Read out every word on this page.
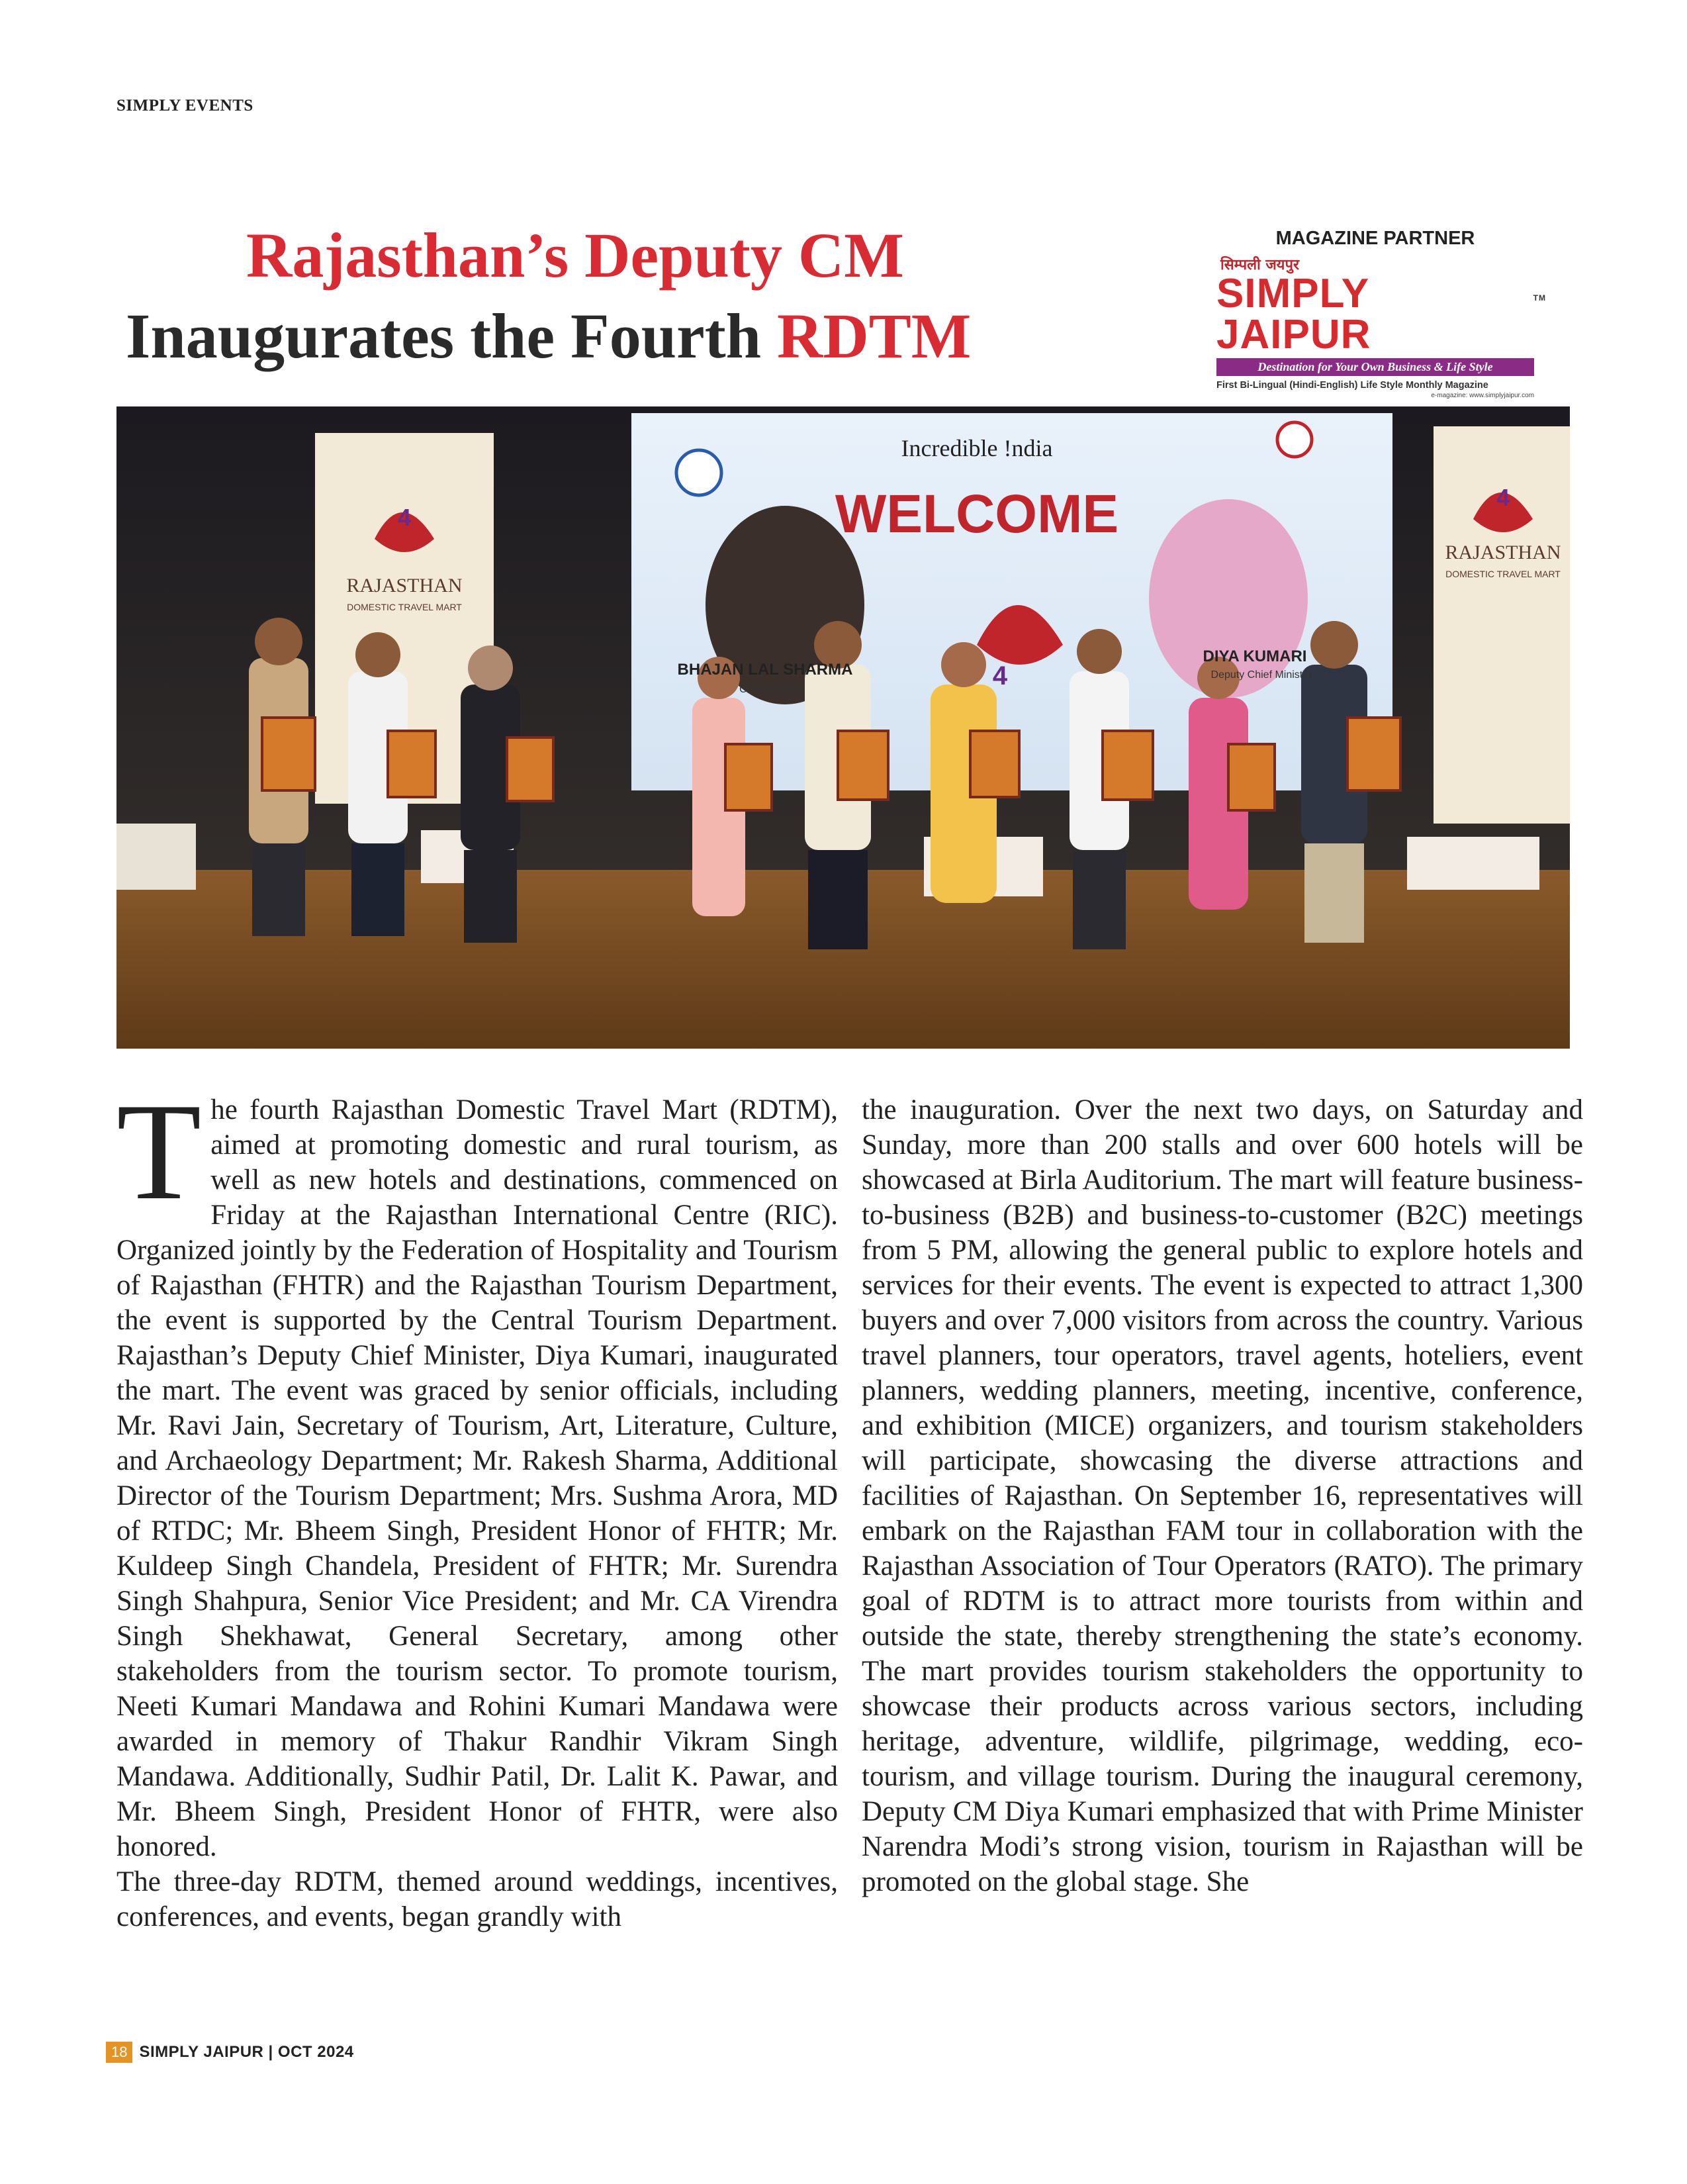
SIMPLY EVENTS
Rajasthan’s Deputy CM
Inaugurates the Fourth RDTM
MAGAZINE PARTNER
सिम्पली जयपुर
SIMPLY JAIPUR
TM
Destination for Your Own Business & Life Style
First Bi-Lingual (Hindi-English) Life Style Monthly Magazine
e-magazine: www.simplyjaipur.com
Incredible !ndia
WELCOME
BHAJAN LAL SHARMA
Chief Minister
DIYA KUMARI
Deputy Chief Minister
4
4
RAJASTHAN
DOMESTIC TRAVEL MART
4
RAJASTHAN
DOMESTIC TRAVEL MART

The fourth Rajasthan Domestic Travel Mart (RDTM), aimed at promoting domestic and rural tourism, as well as new hotels and destinations, commenced on Friday at the Rajasthan International Centre (RIC). Organized jointly by the Federation of Hospitality and Tourism of Rajasthan (FHTR) and the Rajasthan Tourism Department, the event is supported by the Central Tourism Department. Rajasthan’s Deputy Chief Minister, Diya Kumari, inaugurated the mart. The event was graced by senior officials, including Mr. Ravi Jain, Secretary of Tourism, Art, Literature, Culture, and Archaeology Department; Mr. Rakesh Sharma, Additional Director of the Tourism Department; Mrs. Sushma Arora, MD of RTDC; Mr. Bheem Singh, President Honor of FHTR; Mr. Kuldeep Singh Chandela, President of FHTR; Mr. Surendra Singh Shahpura, Senior Vice President; and Mr. CA Virendra Singh Shekhawat, General Secretary, among other stakeholders from the tourism sector. To promote tourism, Neeti Kumari Mandawa and Rohini Kumari Mandawa were awarded in memory of Thakur Randhir Vikram Singh Mandawa. Additionally, Sudhir Patil, Dr. Lalit K. Pawar, and Mr. Bheem Singh, President Honor of FHTR, were also honored.

The three-day RDTM, themed around weddings, incentives, conferences, and events, began grandly with

the inauguration. Over the next two days, on Saturday and Sunday, more than 200 stalls and over 600 hotels will be showcased at Birla Auditorium. The mart will feature business-to-business (B2B) and business-to-customer (B2C) meetings from 5 PM, allowing the general public to explore hotels and services for their events. The event is expected to attract 1,300 buyers and over 7,000 visitors from across the country. Various travel planners, tour operators, travel agents, hoteliers, event planners, wedding planners, meeting, incentive, conference, and exhibition (MICE) organizers, and tourism stakeholders will participate, showcasing the diverse attractions and facilities of Rajasthan. On September 16, representatives will embark on the Rajasthan FAM tour in collaboration with the Rajasthan Association of Tour Operators (RATO). The primary goal of RDTM is to attract more tourists from within and outside the state, thereby strengthening the state’s economy. The mart provides tourism stakeholders the opportunity to showcase their products across various sectors, including heritage, adventure, wildlife, pilgrimage, wedding, eco-tourism, and village tourism. During the inaugural ceremony, Deputy CM Diya Kumari emphasized that with Prime Minister Narendra Modi’s strong vision, tourism in Rajasthan will be promoted on the global stage. She

18 SIMPLY JAIPUR | OCT 2024
